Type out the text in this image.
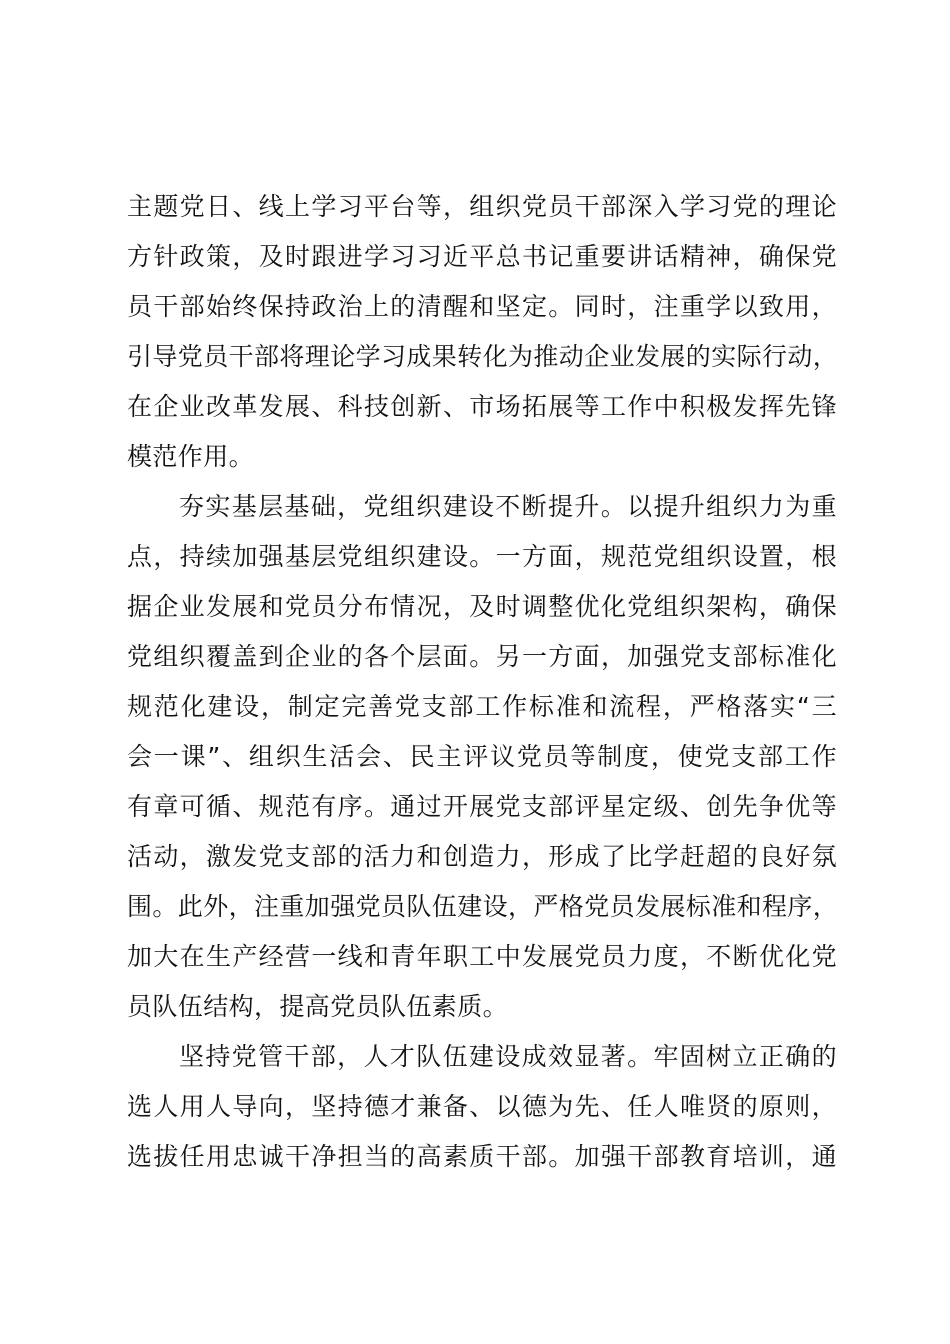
主题党日、线上学习平台等，组织党员干部深入学习党的理论
方针政策，及时跟进学习习近平总书记重要讲话精神，确保党
员干部始终保持政治上的清醒和坚定。同时，注重学以致用，
引导党员干部将理论学习成果转化为推动企业发展的实际行动，
在企业改革发展、科技创新、市场拓展等工作中积极发挥先锋
模范作用。
夯实基层基础，党组织建设不断提升。以提升组织力为重
点，持续加强基层党组织建设。一方面，规范党组织设置，根
据企业发展和党员分布情况，及时调整优化党组织架构，确保
党组织覆盖到企业的各个层面。另一方面，加强党支部标准化
规范化建设，制定完善党支部工作标准和流程，严格落实“三
会一课”、组织生活会、民主评议党员等制度，使党支部工作
有章可循、规范有序。通过开展党支部评星定级、创先争优等
活动，激发党支部的活力和创造力，形成了比学赶超的良好氛
围。此外，注重加强党员队伍建设，严格党员发展标准和程序，
加大在生产经营一线和青年职工中发展党员力度，不断优化党
员队伍结构，提高党员队伍素质。
坚持党管干部，人才队伍建设成效显著。牢固树立正确的
选人用人导向，坚持德才兼备、以德为先、任人唯贤的原则，
选拔任用忠诚干净担当的高素质干部。加强干部教育培训，通
